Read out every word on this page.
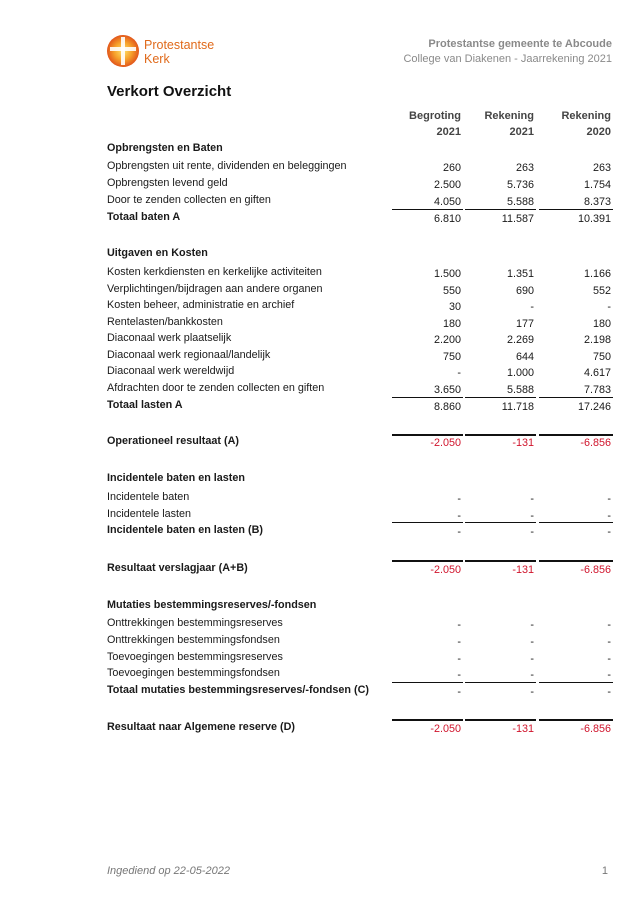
Protestantse
Kerk
Protestantse gemeente te Abcoude
College van Diakenen - Jaarrekening 2021
Verkort Overzicht
Begroting
2021
Rekening
2021
Rekening
2020
Opbrengsten en Baten
Opbrengsten uit rente, dividenden en beleggingen	260	263	263
Opbrengsten levend geld	2.500	5.736	1.754
Door te zenden collecten en giften	4.050	5.588	8.373
Totaal baten A	6.810	11.587	10.391
Uitgaven en Kosten
Kosten kerkdiensten en kerkelijke activiteiten	1.500	1.351	1.166
Verplichtingen/bijdragen aan andere organen	550	690	552
Kosten beheer, administratie en archief	30	-	-
Rentelasten/bankkosten	180	177	180
Diaconaal werk plaatselijk	2.200	2.269	2.198
Diaconaal werk regionaal/landelijk	750	644	750
Diaconaal werk wereldwijd	-	1.000	4.617
Afdrachten door te zenden collecten en giften	3.650	5.588	7.783
Totaal lasten A	8.860	11.718	17.246
Operationeel resultaat (A)	-2.050	-131	-6.856
Incidentele baten en lasten
Incidentele baten	-	-	-
Incidentele lasten	-	-	-
Incidentele baten en lasten (B)	-	-	-
Resultaat verslagjaar (A+B)	-2.050	-131	-6.856
Mutaties bestemmingsreserves/-fondsen
Onttrekkingen bestemmingsreserves	-	-	-
Onttrekkingen bestemmingsfondsen	-	-	-
Toevoegingen bestemmingsreserves	-	-	-
Toevoegingen bestemmingsfondsen	-	-	-
Totaal mutaties bestemmingsreserves/-fondsen (C)	-	-	-
Resultaat naar Algemene reserve (D)	-2.050	-131	-6.856
Ingediend op 22-05-2022	1
